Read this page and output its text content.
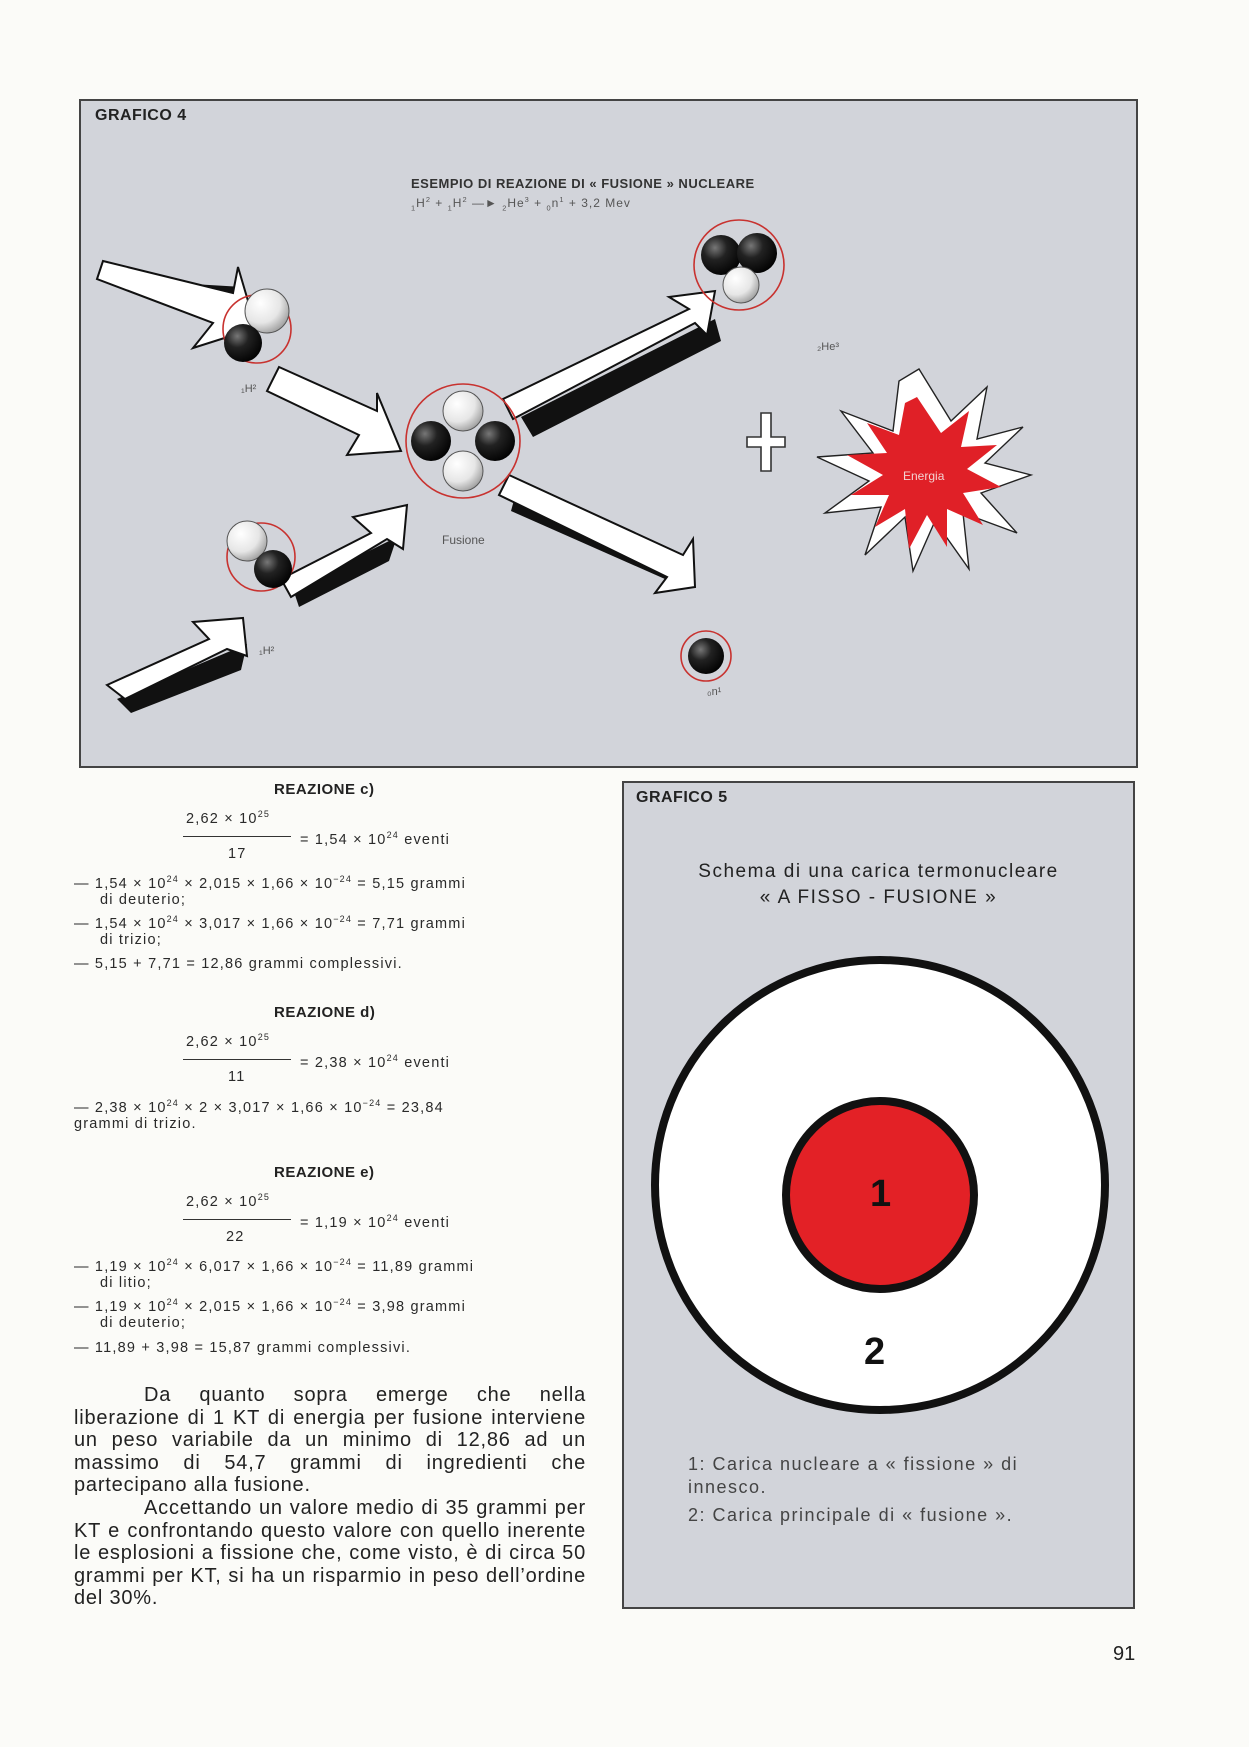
GRAFICO 4
ESEMPIO DI REAZIONE DI « FUSIONE » NUCLEARE
$_1H^2 + _1H^2$ —► $_2He^3 + _0n^1 + 3,2$ Mev
₁H²
₁H²
Fusione
₂He³
₀n¹
Energia
REAZIONE c)
$2,62 \times 10^{25}$
17
= $1,54 \times 10^{24}$ eventi
— $1,54 \times 10^{24} \times 2,015 \times 1,66 \times 10^{-24} = 5,15$ grammi
di deuterio;
— $1,54 \times 10^{24} \times 3,017 \times 1,66 \times 10^{-24} = 7,71$ grammi
di trizio;
— 5,15 + 7,71 = 12,86 grammi complessivi.
REAZIONE d)
$2,62 \times 10^{25}$
11
= $2,38 \times 10^{24}$ eventi
— $2,38 \times 10^{24} \times 2 \times 3,017 \times 1,66 \times 10^{-24} = 23,84$
grammi di trizio.
REAZIONE e)
$2,62 \times 10^{25}$
22
= $1,19 \times 10^{24}$ eventi
— $1,19 \times 10^{24} \times 6,017 \times 1,66 \times 10^{-24} = 11,89$ grammi
di litio;
— $1,19 \times 10^{24} \times 2,015 \times 1,66 \times 10^{-24} = 3,98$ grammi
di deuterio;
— 11,89 + 3,98 = 15,87 grammi complessivi.

Da quanto sopra emerge che nella liberazione di 1 KT di energia per fusione interviene un peso variabile da un minimo di 12,86 ad un massimo di 54,7 grammi di ingredienti che partecipano alla fusione.

Accettando un valore medio di 35 grammi per KT e confrontando questo valore con quello inerente le esplosioni a fissione che, come visto, è di circa 50 grammi per KT, si ha un risparmio in peso dell’ordine del 30%.

GRAFICO 5
Schema di una carica termonucleare
« A FISSO - FUSIONE »
1
2
1: Carica nucleare a « fissione » di innesco.
2: Carica principale di « fusione ».
91
